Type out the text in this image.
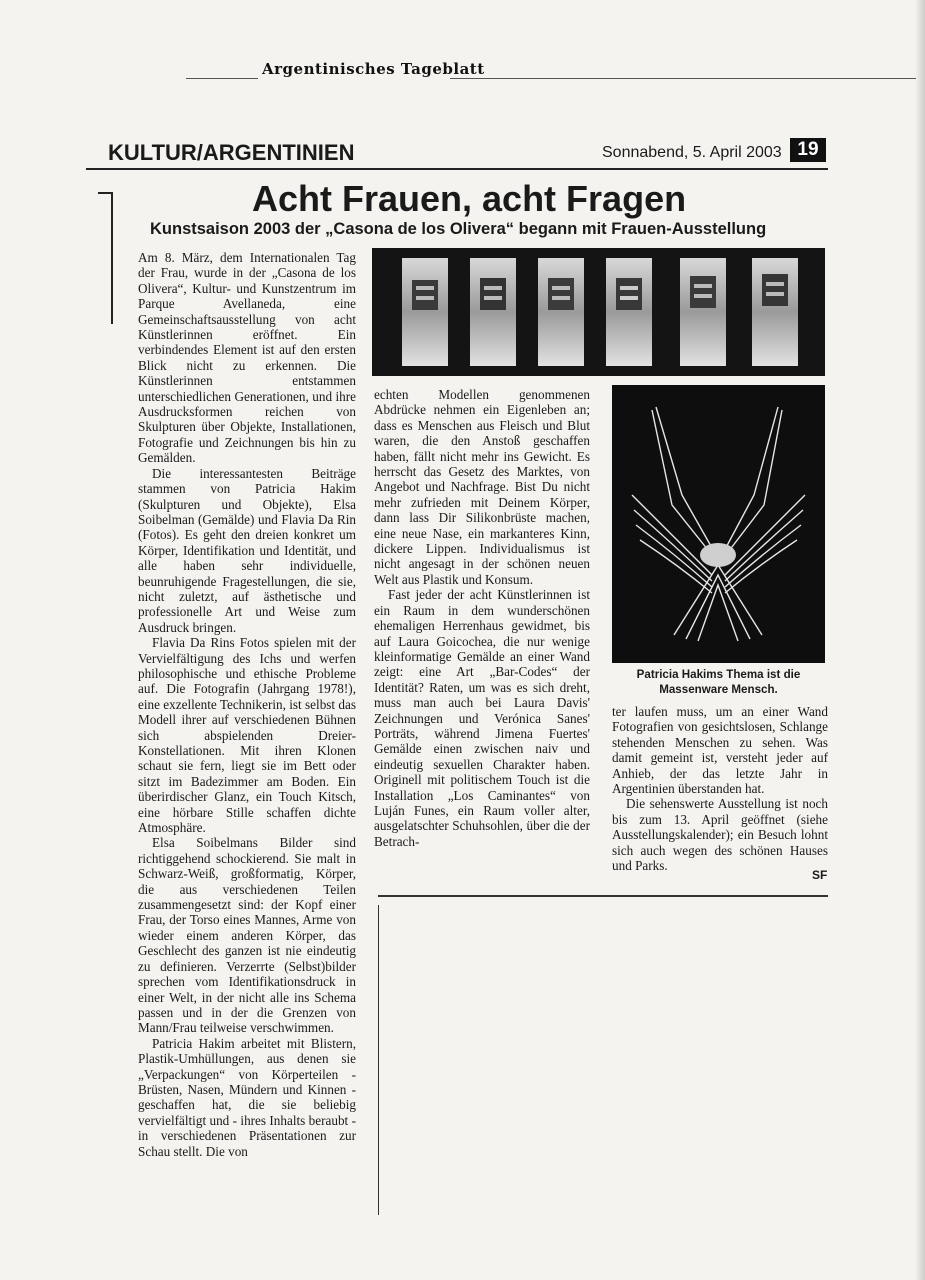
Argentinisches Tageblatt
KULTUR/ARGENTINIEN	Sonnabend, 5. April 2003 19
Acht Frauen, acht Fragen
Kunstsaison 2003 der „Casona de los Olivera“ begann mit Frauen-Ausstellung

Am 8. März, dem Internationalen Tag der Frau, wurde in der „Casona de los Olivera“, Kultur- und Kunstzentrum im Parque Avellaneda, eine Gemeinschaftsausstellung von acht Künstlerinnen eröffnet. Ein verbindendes Element ist auf den ersten Blick nicht zu erkennen. Die Künstlerinnen entstammen unterschiedlichen Generationen, und ihre Ausdrucksformen reichen von Skulpturen über Objekte, Installationen, Fotografie und Zeichnungen bis hin zu Gemälden.

Die interessantesten Beiträge stammen von Patricia Hakim (Skulpturen und Objekte), Elsa Soibelman (Gemälde) und Flavia Da Rin (Fotos). Es geht den dreien konkret um Körper, Identifikation und Identität, und alle haben sehr individuelle, beunruhigende Fragestellungen, die sie, nicht zuletzt, auf ästhetische und professionelle Art und Weise zum Ausdruck bringen.

Flavia Da Rins Fotos spielen mit der Vervielfältigung des Ichs und werfen philosophische und ethische Probleme auf. Die Fotografin (Jahrgang 1978!), eine exzellente Technikerin, ist selbst das Modell ihrer auf verschiedenen Bühnen sich abspielenden Dreier-Konstellationen. Mit ihren Klonen schaut sie fern, liegt sie im Bett oder sitzt im Badezimmer am Boden. Ein überirdischer Glanz, ein Touch Kitsch, eine hörbare Stille schaffen dichte Atmosphäre.

Elsa Soibelmans Bilder sind richtiggehend schockierend. Sie malt in Schwarz-Weiß, großformatig, Körper, die aus verschiedenen Teilen zusammengesetzt sind: der Kopf einer Frau, der Torso eines Mannes, Arme von wieder einem anderen Körper, das Geschlecht des ganzen ist nie eindeutig zu definieren. Verzerrte (Selbst)bilder sprechen vom Identifikationsdruck in einer Welt, in der nicht alle ins Schema passen und in der die Grenzen von Mann/Frau teilweise verschwimmen.

Patricia Hakim arbeitet mit Blistern, Plastik-Umhüllungen, aus denen sie „Verpackungen“ von Körperteilen - Brüsten, Nasen, Mündern und Kinnen - geschaffen hat, die sie beliebig vervielfältigt und - ihres Inhalts beraubt - in verschiedenen Präsentationen zur Schau stellt. Die von

echten Modellen genommenen Abdrücke nehmen ein Eigenleben an; dass es Menschen aus Fleisch und Blut waren, die den Anstoß geschaffen haben, fällt nicht mehr ins Gewicht. Es herrscht das Gesetz des Marktes, von Angebot und Nachfrage. Bist Du nicht mehr zufrieden mit Deinem Körper, dann lass Dir Silikonbrüste machen, eine neue Nase, ein markanteres Kinn, dickere Lippen. Individualismus ist nicht angesagt in der schönen neuen Welt aus Plastik und Konsum.

Fast jeder der acht Künstlerinnen ist ein Raum in dem wunderschönen ehemaligen Herrenhaus gewidmet, bis auf Laura Goicochea, die nur wenige kleinformatige Gemälde an einer Wand zeigt: eine Art „Bar-Codes“ der Identität? Raten, um was es sich dreht, muss man auch bei Laura Davis' Zeichnungen und Verónica Sanes' Porträts, während Jimena Fuertes' Gemälde einen zwischen naiv und eindeutig sexuellen Charakter haben. Originell mit politischem Touch ist die Installation „Los Caminantes“ von Luján Funes, ein Raum voller alter, ausgelatschter Schuhsohlen, über die der Betrach-

Patricia Hakims Thema ist die Massenware Mensch.

ter laufen muss, um an einer Wand Fotografien von gesichtslosen, Schlange stehenden Menschen zu sehen. Was damit gemeint ist, versteht jeder auf Anhieb, der das letzte Jahr in Argentinien überstanden hat.

Die sehenswerte Ausstellung ist noch bis zum 13. April geöffnet (siehe Ausstellungskalender); ein Besuch lohnt sich auch wegen des schönen Hauses und Parks.

SF
